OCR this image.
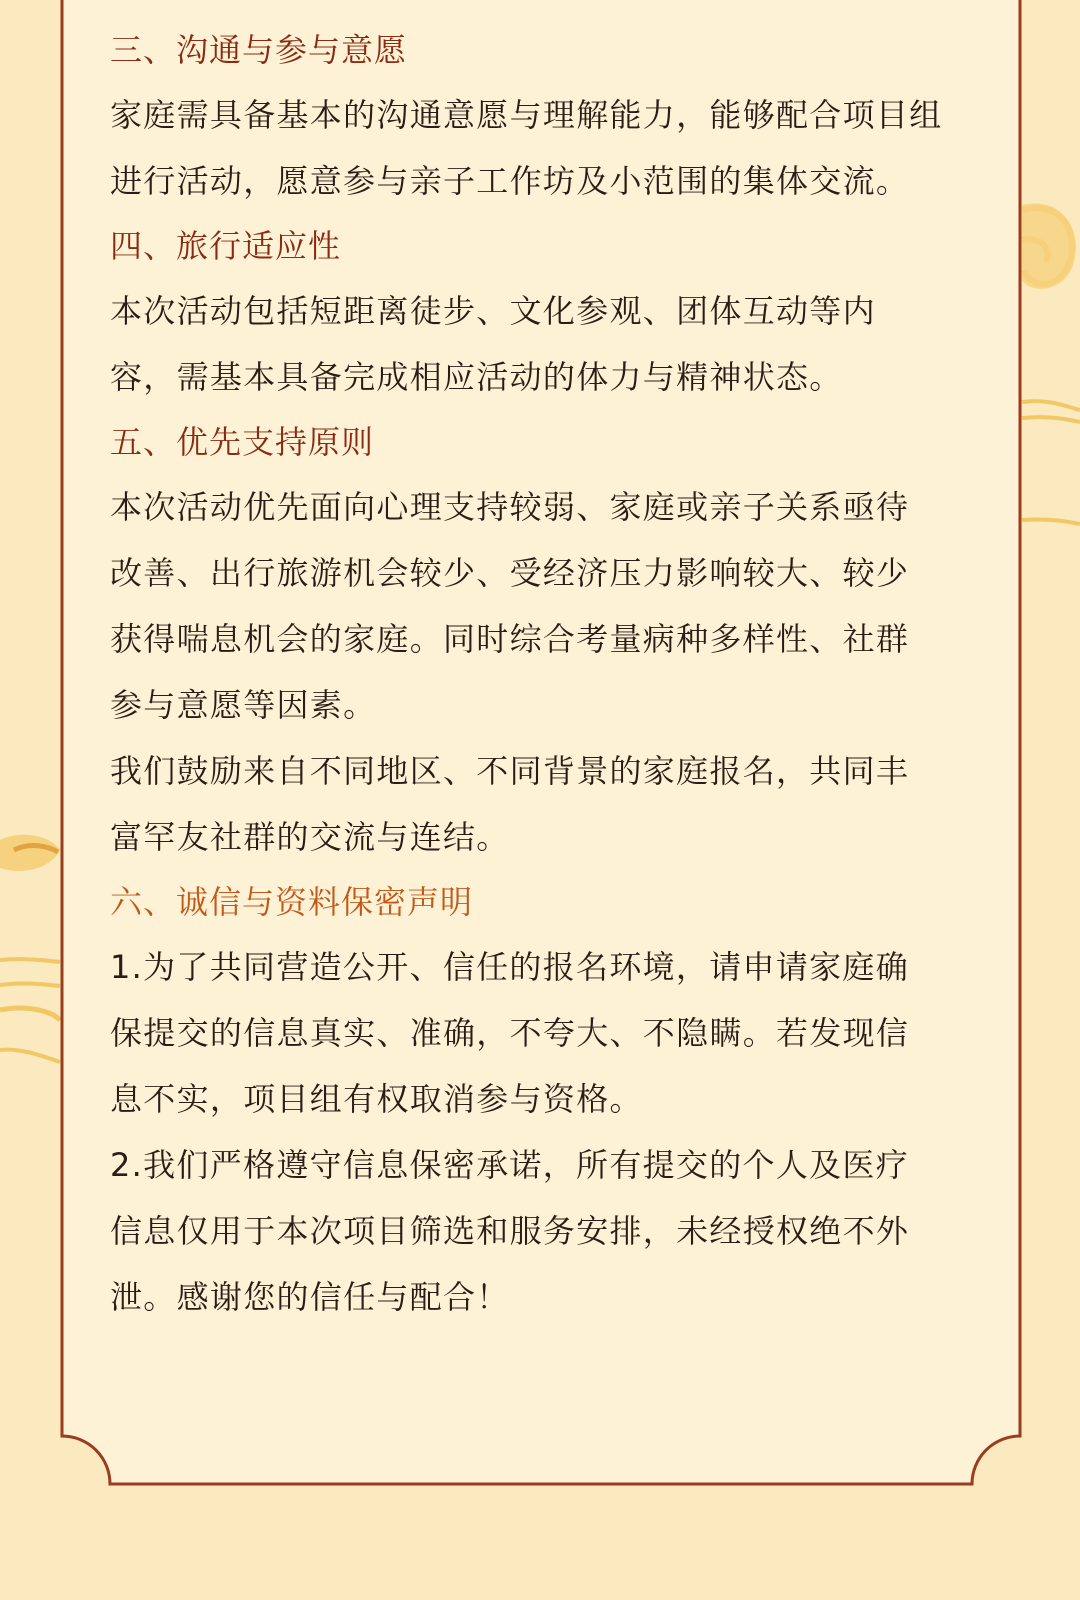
三、沟通与参与意愿
家庭需具备基本的沟通意愿与理解能力，能够配合项目组
进行活动，愿意参与亲子工作坊及小范围的集体交流。
四、旅行适应性
本次活动包括短距离徒步、文化参观、团体互动等内
容，需基本具备完成相应活动的体力与精神状态。
五、优先支持原则
本次活动优先面向心理支持较弱、家庭或亲子关系亟待
改善、出行旅游机会较少、受经济压力影响较大、较少
获得喘息机会的家庭。同时综合考量病种多样性、社群
参与意愿等因素。
我们鼓励来自不同地区、不同背景的家庭报名，共同丰
富罕友社群的交流与连结。
六、诚信与资料保密声明
1.为了共同营造公开、信任的报名环境，请申请家庭确
保提交的信息真实、准确，不夸大、不隐瞒。若发现信
息不实，项目组有权取消参与资格。
2.我们严格遵守信息保密承诺，所有提交的个人及医疗
信息仅用于本次项目筛选和服务安排，未经授权绝不外
泄。感谢您的信任与配合！
